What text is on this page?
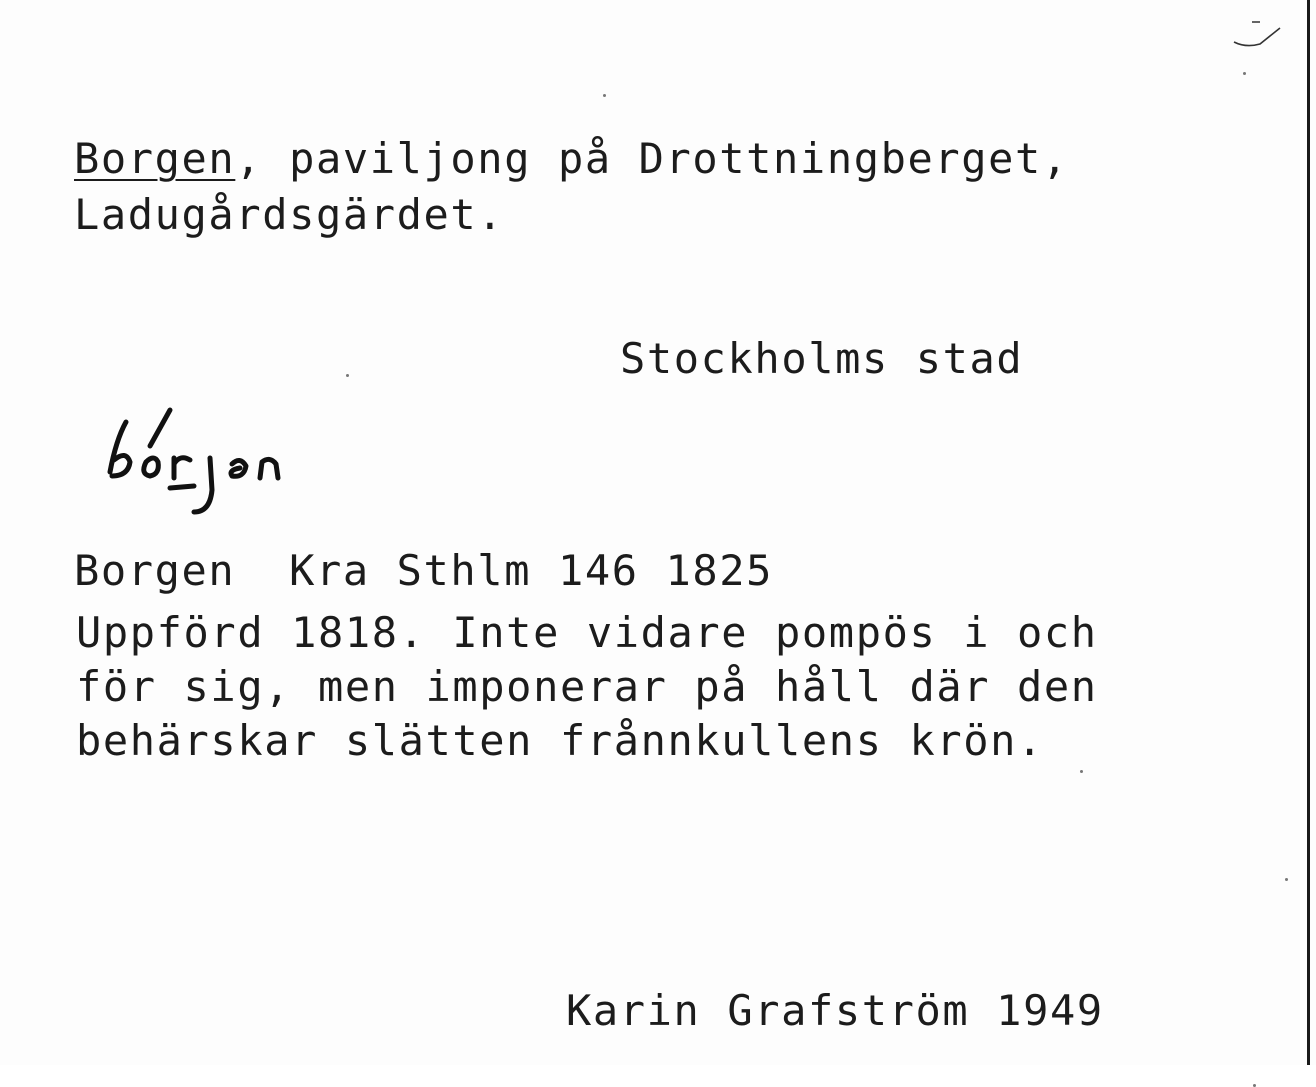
Borgen, paviljong på Drottningberget,
Ladugårdsgärdet.
Stockholms stad
Borgen Kra Sthlm 146 1825
Uppförd 1818. Inte vidare pompös i och
för sig, men imponerar på håll där den
behärskar slätten frånnkullens krön.
Karin Grafström 1949
